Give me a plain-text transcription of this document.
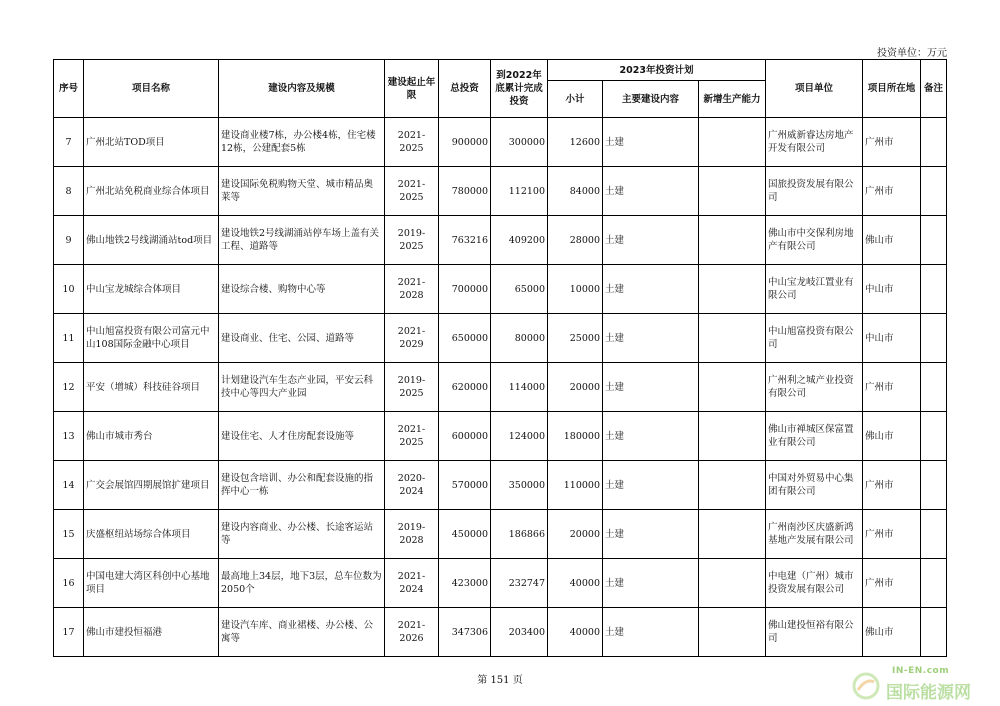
投资单位：万元
序号	项目名称	建设内容及规模	建设起止年限	总投资	到2022年底累计完成投资	2023年投资计划			项目单位	项目所在地	备注
						小计	主要建设内容	新增生产能力			
7	广州北站TOD项目	建设商业楼7栋，办公楼4栋，住宅楼12栋，公建配套5栋	2021-2025	900000	300000	12600	土建		广州威新睿达房地产开发有限公司	广州市	
8	广州北站免税商业综合体项目	建设国际免税购物天堂、城市精品奥莱等	2021-2025	780000	112100	84000	土建		国旅投资发展有限公司	广州市	
9	佛山地铁2号线湖涌站tod项目	建设地铁2号线湖涌站停车场上盖有关工程、道路等	2019-2025	763216	409200	28000	土建		佛山市中交保利房地产有限公司	佛山市	
10	中山宝龙城综合体项目	建设综合楼、购物中心等	2021-2028	700000	65000	10000	土建		中山宝龙岐江置业有限公司	中山市	
11	中山旭富投资有限公司富元中山108国际金融中心项目	建设商业、住宅、公园、道路等	2021-2029	650000	80000	25000	土建		中山旭富投资有限公司	中山市	
12	平安（增城）科技硅谷项目	计划建设汽车生态产业园，平安云科技中心等四大产业园	2019-2025	620000	114000	20000	土建		广州利之城产业投资有限公司	广州市	
13	佛山市城市秀台	建设住宅、人才住房配套设施等	2021-2025	600000	124000	180000	土建		佛山市禅城区保富置业有限公司	佛山市	
14	广交会展馆四期展馆扩建项目	建设包含培训、办公和配套设施的指挥中心一栋	2020-2024	570000	350000	110000	土建		中国对外贸易中心集团有限公司	广州市	
15	庆盛枢纽站场综合体项目	建设内容商业、办公楼、长途客运站等	2019-2028	450000	186866	20000	土建		广州南沙区庆盛新鸿基地产发展有限公司	广州市	
16	中国电建大湾区科创中心基地项目	最高地上34层，地下3层，总车位数为2050个	2021-2024	423000	232747	40000	土建		中电建（广州）城市投资发展有限公司	广州市	
17	佛山市建投恒福港	建设汽车库、商业裙楼、办公楼、公寓等	2021-2026	347306	203400	40000	土建		佛山建投恒裕有限公司	佛山市	
第 151 页
IN-EN.com
国际能源网
